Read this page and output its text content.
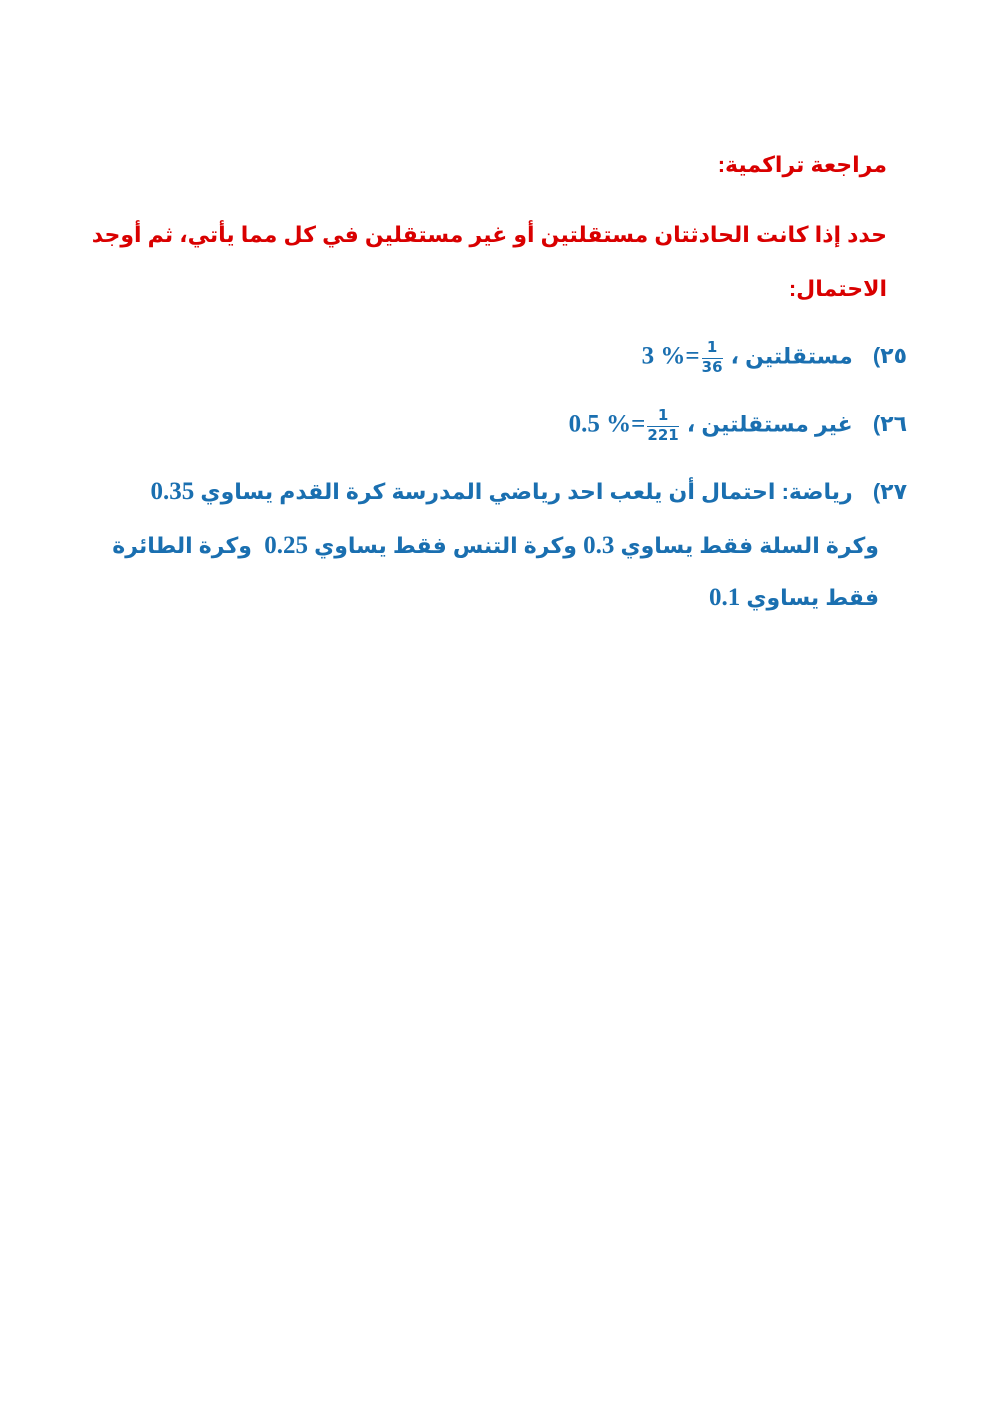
مراجعة تراكمية:
حدد إذا كانت الحادثتان مستقلتين أو غير مستقلين في كل مما يأتي، ثم أوجد
الاحتمال:
٢٥) مستقلتين ، 3 %= $\frac{1}{36}$
٢٦) غير مستقلتين ، 0.5 %= $\frac{1}{221}$
٢٧) رياضة: احتمال أن يلعب احد رياضي المدرسة كرة القدم يساوي 0.35
وكرة السلة فقط يساوي 0.3 وكرة التنس فقط يساوي 0.25  وكرة الطائرة
فقط يساوي 0.1
